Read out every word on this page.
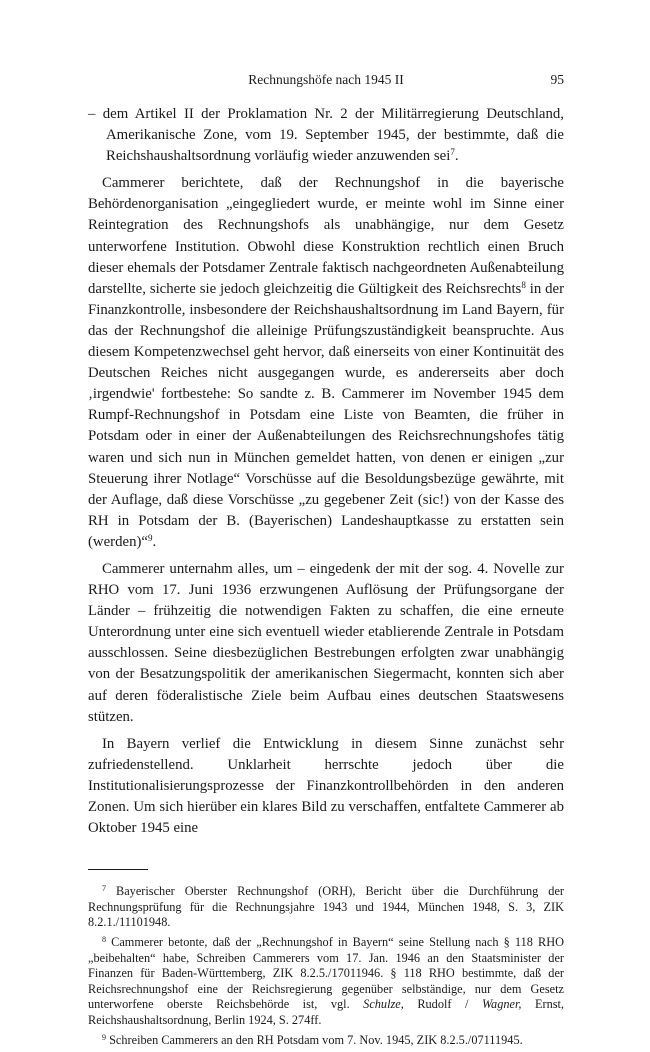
Rechnungshöfe nach 1945 II	95

– dem Artikel II der Proklamation Nr. 2 der Militärregierung Deutschland, Amerikanische Zone, vom 19. September 1945, der bestimmte, daß die Reichshaushaltsordnung vorläufig wieder anzuwenden sei$^7$.

Cammerer berichtete, daß der Rechnungshof in die bayerische Behördenorganisation „eingegliedert wurde, er meinte wohl im Sinne einer Reintegration des Rechnungshofs als unabhängige, nur dem Gesetz unterworfene Institution. Obwohl diese Konstruktion rechtlich einen Bruch dieser ehemals der Potsdamer Zentrale faktisch nachgeordneten Außenabteilung darstellte, sicherte sie jedoch gleichzeitig die Gültigkeit des Reichsrechts$^8$ in der Finanzkontrolle, insbesondere der Reichshaushaltsordnung im Land Bayern, für das der Rechnungshof die alleinige Prüfungszuständigkeit beanspruchte. Aus diesem Kompetenzwechsel geht hervor, daß einerseits von einer Kontinuität des Deutschen Reiches nicht ausgegangen wurde, es andererseits aber doch ‚irgendwie' fortbestehe: So sandte z. B. Cammerer im November 1945 dem Rumpf-Rechnungshof in Potsdam eine Liste von Beamten, die früher in Potsdam oder in einer der Außenabteilungen des Reichsrechnungshofes tätig waren und sich nun in München gemeldet hatten, von denen er einigen „zur Steuerung ihrer Notlage“ Vorschüsse auf die Besoldungsbezüge gewährte, mit der Auflage, daß diese Vorschüsse „zu gegebener Zeit (sic!) von der Kasse des RH in Potsdam der B. (Bayerischen) Landeshauptkasse zu erstatten sein (werden)“$^9$.

Cammerer unternahm alles, um – eingedenk der mit der sog. 4. Novelle zur RHO vom 17. Juni 1936 erzwungenen Auflösung der Prüfungsorgane der Länder – frühzeitig die notwendigen Fakten zu schaffen, die eine erneute Unterordnung unter eine sich eventuell wieder etablierende Zentrale in Potsdam ausschlossen. Seine diesbezüglichen Bestrebungen erfolgten zwar unabhängig von der Besatzungspolitik der amerikanischen Siegermacht, konnten sich aber auf deren föderalistische Ziele beim Aufbau eines deutschen Staatswesens stützen.

In Bayern verlief die Entwicklung in diesem Sinne zunächst sehr zufriedenstellend. Unklarheit herrschte jedoch über die Institutionalisierungsprozesse der Finanzkontrollbehörden in den anderen Zonen. Um sich hierüber ein klares Bild zu verschaffen, entfaltete Cammerer ab Oktober 1945 eine

$^7$ Bayerischer Oberster Rechnungshof (ORH), Bericht über die Durchführung der Rechnungsprüfung für die Rechnungsjahre 1943 und 1944, München 1948, S. 3, ZIK 8.2.1./11101948.

$^8$ Cammerer betonte, daß der „Rechnungshof in Bayern“ seine Stellung nach § 118 RHO „beibehalten“ habe, Schreiben Cammerers vom 17. Jan. 1946 an den Staatsminister der Finanzen für Baden-Württemberg, ZIK 8.2.5./17011946. § 118 RHO bestimmte, daß der Reichsrechnungshof eine der Reichsregierung gegenüber selbständige, nur dem Gesetz unterworfene oberste Reichsbehörde ist, vgl. Schulze, Rudolf / Wagner, Ernst, Reichshaushaltsordnung, Berlin 1924, S. 274ff.

$^9$ Schreiben Cammerers an den RH Potsdam vom 7. Nov. 1945, ZIK 8.2.5./07111945.
